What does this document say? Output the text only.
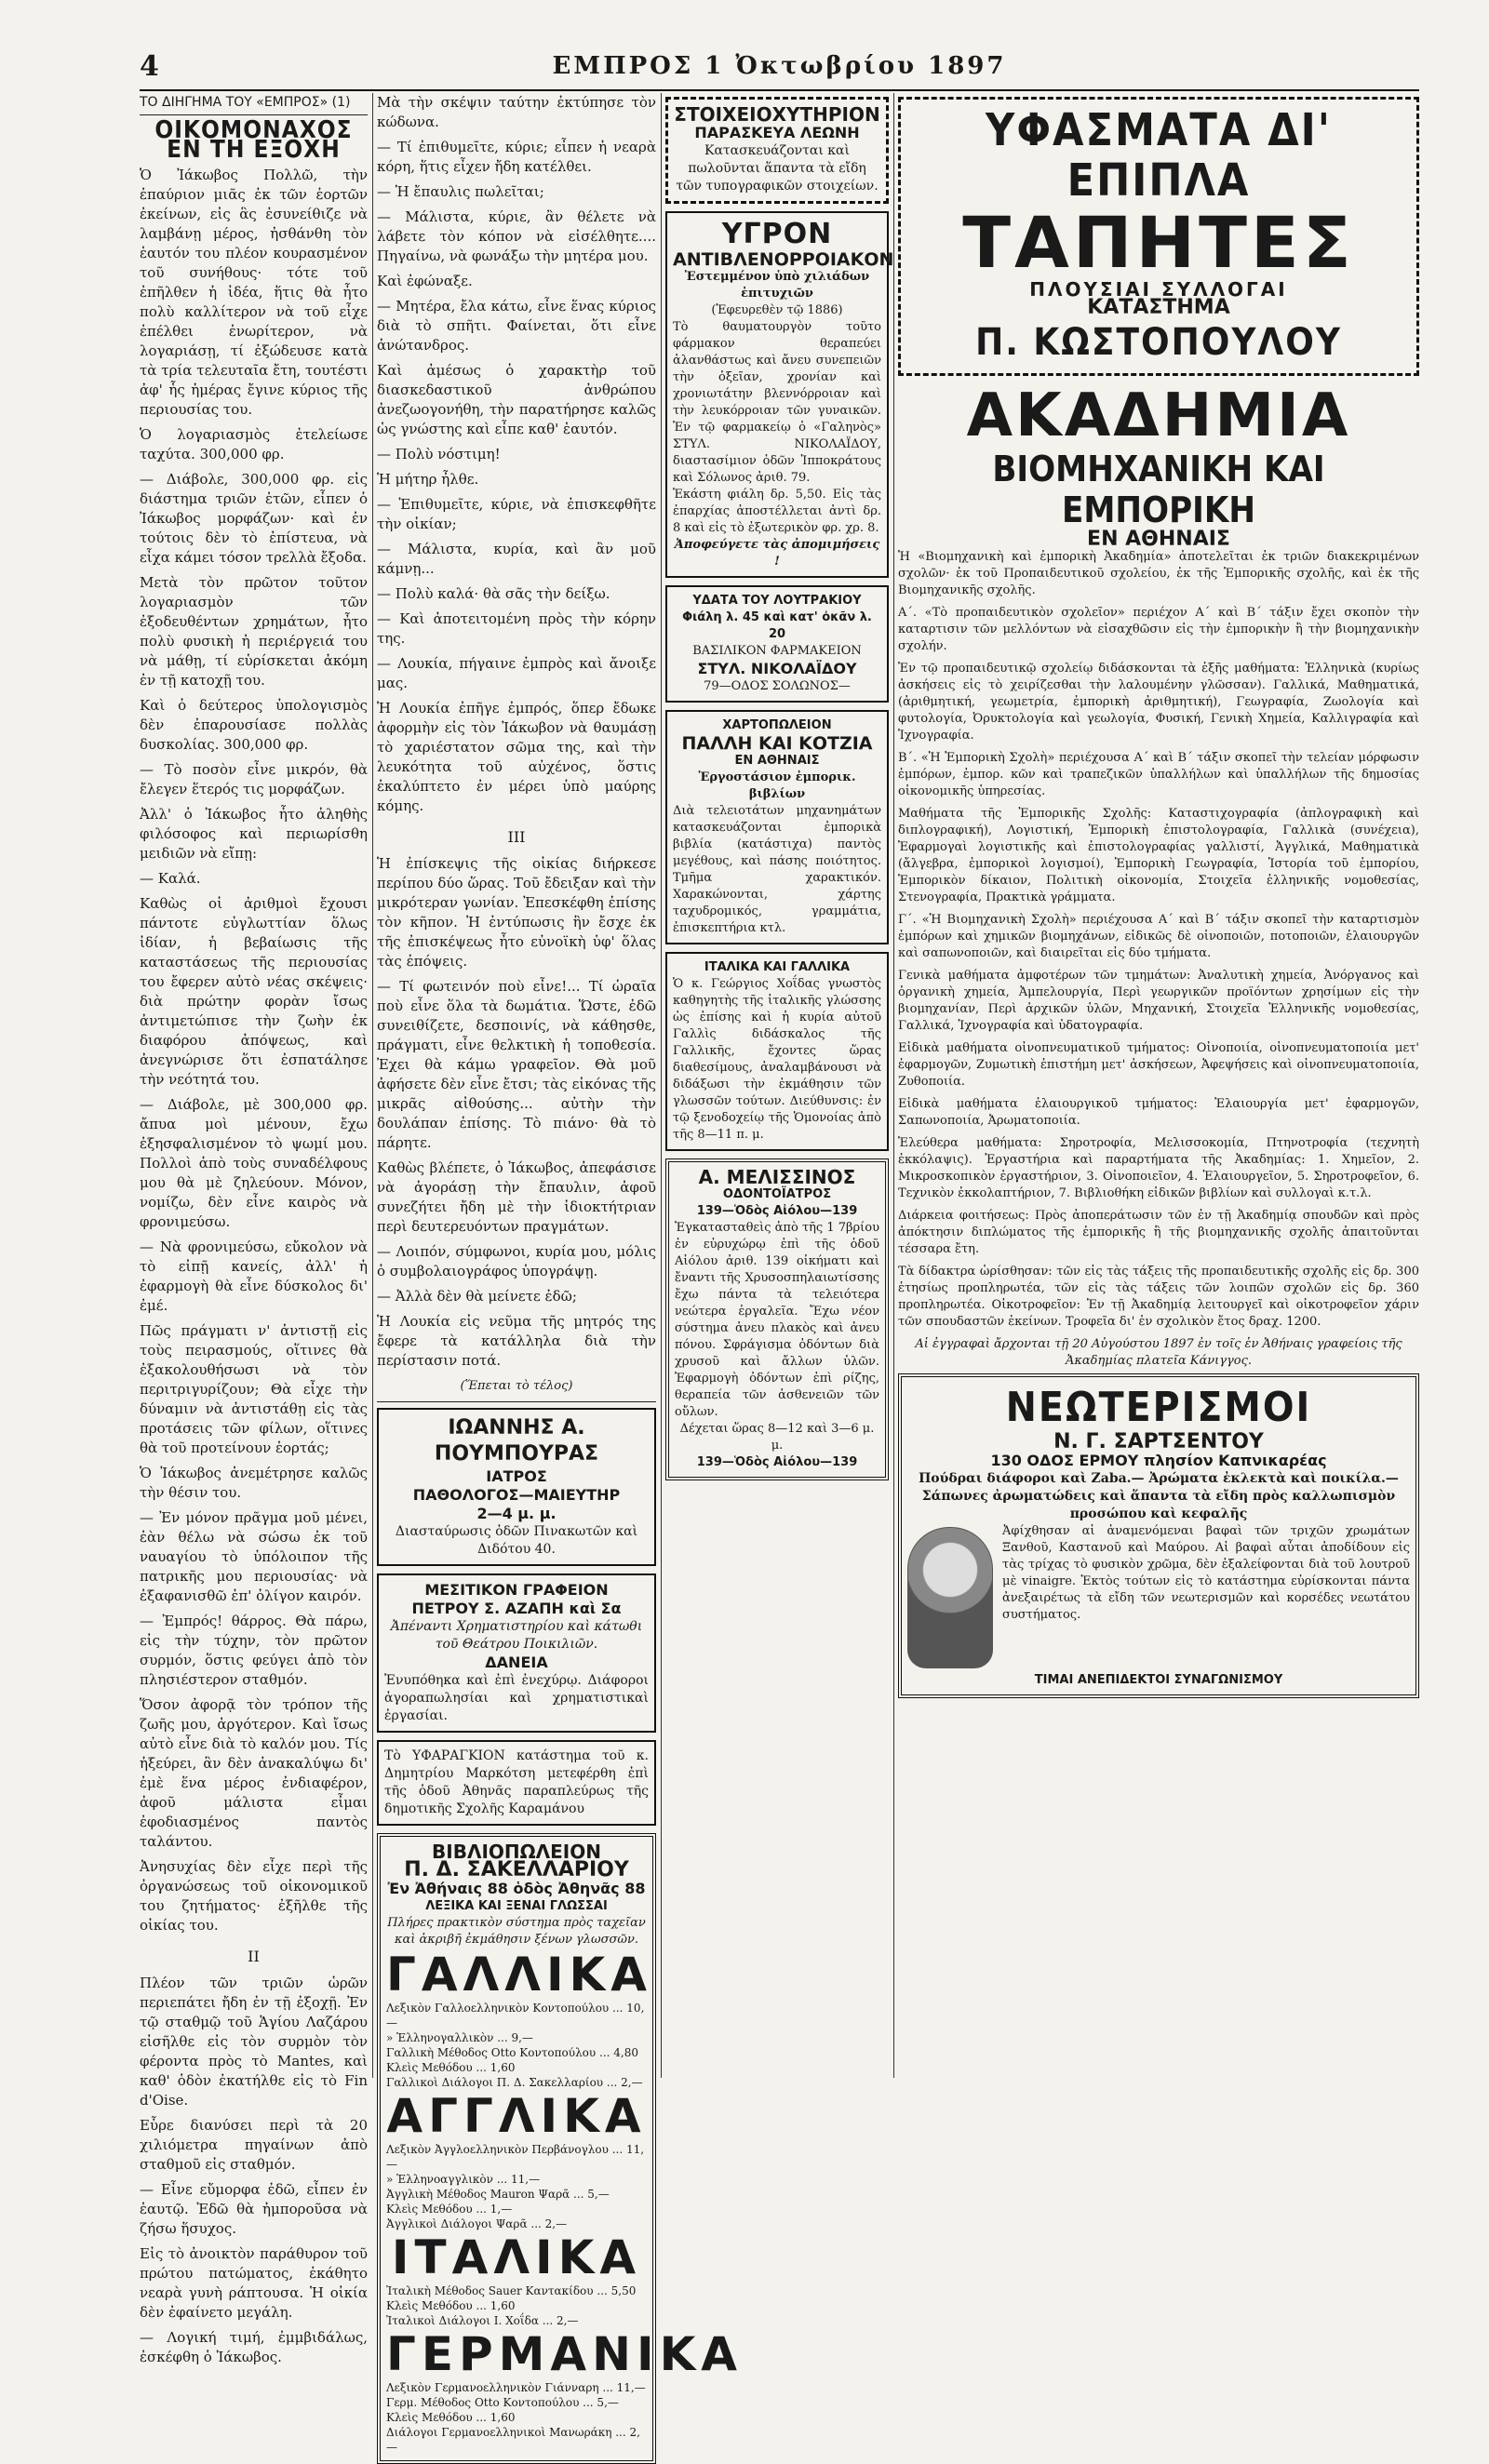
4	ΕΜΠΡΟΣ 1 Ὀκτωβρίου 1897
ΤΟ ΔΙΗΓΗΜΑ ΤΟΥ «ΕΜΠΡΟΣ» (1)
ΟΙΚΟΜΟΝΑΧΟΣ ΕΝ ΤΗ ΕΞΟΧΗ

Ὁ Ἰάκωβος Πολλῶ, τὴν ἐπαύριον μιᾶς ἐκ τῶν ἑορτῶν ἐκείνων, εἰς ἃς ἐσυνείθιζε νὰ λαμβάνῃ μέρος, ἠσθάνθη τὸν ἑαυτόν του πλέον κουρασμένον τοῦ συνήθους· τότε τοῦ ἐπῆλθεν ἡ ἰδέα, ἥτις θὰ ἦτο πολὺ καλλίτερον νὰ τοῦ εἶχε ἐπέλθει ἐνωρίτερον, νὰ λογαριάσῃ, τί ἐξώδευσε κατὰ τὰ τρία τελευταῖα ἔτη, τουτέστι ἀφ' ἧς ἡμέρας ἔγινε κύριος τῆς περιουσίας του.

Ὁ λογαριασμὸς ἐτελείωσε ταχύτα. 300,000 φρ.

— Διάβολε, 300,000 φρ. εἰς διάστημα τριῶν ἐτῶν, εἶπεν ὁ Ἰάκωβος μορφάζων· καὶ ἐν τούτοις δὲν τὸ ἐπίστευα, νὰ εἶχα κάμει τόσον τρελλὰ ἔξοδα.

Μετὰ τὸν πρῶτον τοῦτον λογαριασμὸν τῶν ἐξοδευθέντων χρημάτων, ἦτο πολὺ φυσικὴ ἡ περιέργειά του νὰ μάθῃ, τί εὑρίσκεται ἀκόμη ἐν τῇ κατοχῇ του.

Καὶ ὁ δεύτερος ὑπολογισμὸς δὲν ἐπαρουσίασε πολλὰς δυσκολίας. 300,000 φρ.

— Τὸ ποσὸν εἶνε μικρόν, θὰ ἔλεγεν ἕτερός τις μορφάζων.

Ἀλλ' ὁ Ἰάκωβος ἦτο ἀληθὴς φιλόσοφος καὶ περιωρίσθη μειδιῶν νὰ εἴπῃ:

— Καλά.

Καθὼς οἱ ἀριθμοὶ ἔχουσι πάντοτε εὐγλωττίαν ὅλως ἰδίαν, ἡ βεβαίωσις τῆς καταστάσεως τῆς περιουσίας του ἔφερεν αὐτὸ νέας σκέψεις· διὰ πρώτην φορὰν ἴσως ἀντιμετώπισε τὴν ζωὴν ἐκ διαφόρου ἀπόψεως, καὶ ἀνεγνώρισε ὅτι ἐσπατάλησε τὴν νεότητά του.

— Διάβολε, μὲ 300,000 φρ. ἄπυα μοὶ μένουν, ἔχω ἐξησφαλισμένον τὸ ψωμί μου. Πολλοὶ ἀπὸ τοὺς συναδέλφους μου θὰ μὲ ζηλεύουν. Μόνον, νομίζω, δὲν εἶνε καιρὸς νὰ φρονιμεύσω.

— Νὰ φρονιμεύσω, εὔκολον νὰ τὸ εἰπῇ κανείς, ἀλλ' ἡ ἐφαρμογὴ θὰ εἶνε δύσκολος δι' ἐμέ.

Πῶς πράγματι ν' ἀντιστῇ εἰς τοὺς πειρασμούς, οἵτινες θὰ ἐξακολουθήσωσι νὰ τὸν περιτριγυρίζουν; Θὰ εἶχε τὴν δύναμιν νὰ ἀντιστάθῃ εἰς τὰς προτάσεις τῶν φίλων, οἵτινες θὰ τοῦ προτείνουν ἑορτάς;

Ὁ Ἰάκωβος ἀνεμέτρησε καλῶς τὴν θέσιν του.

— Ἐν μόνον πρᾶγμα μοῦ μένει, ἐὰν θέλω νὰ σώσω ἐκ τοῦ ναυαγίου τὸ ὑπόλοιπον τῆς πατρικῆς μου περιουσίας· νὰ ἐξαφανισθῶ ἐπ' ὀλίγον καιρόν.

— Ἐμπρός! θάρρος. Θὰ πάρω, εἰς τὴν τύχην, τὸν πρῶτον συρμόν, ὅστις φεύγει ἀπὸ τὸν πλησιέστερον σταθμόν.

Ὅσον ἀφορᾷ τὸν τρόπον τῆς ζωῆς μου, ἀργότερον. Καὶ ἴσως αὐτὸ εἶνε διὰ τὸ καλόν μου. Τίς ἠξεύρει, ἂν δὲν ἀνακαλύψω δι' ἐμὲ ἕνα μέρος ἐνδιαφέρον, ἀφοῦ μάλιστα εἶμαι ἐφοδιασμένος παντὸς ταλάντου.

Ἀνησυχίας δὲν εἶχε περὶ τῆς ὀργανώσεως τοῦ οἰκονομικοῦ του ζητήματος· ἐξῆλθε τῆς οἰκίας του.

II

Πλέον τῶν τριῶν ὡρῶν περιεπάτει ἤδη ἐν τῇ ἐξοχῇ. Ἐν τῷ σταθμῷ τοῦ Ἁγίου Λαζάρου εἰσῆλθε εἰς τὸν συρμὸν τὸν φέροντα πρὸς τὸ Mantes, καὶ καθ' ὁδὸν ἐκατήλθε εἰς τὸ Fin d'Oise.

Εὗρε διανύσει περὶ τὰ 20 χιλιόμετρα πηγαίνων ἀπὸ σταθμοῦ εἰς σταθμόν.

— Εἶνε εὔμορφα ἐδῶ, εἶπεν ἐν ἑαυτῷ. Ἐδῶ θὰ ἠμποροῦσα νὰ ζήσω ἥσυχος.

Εἰς τὸ ἀνοικτὸν παράθυρον τοῦ πρώτου πατώματος, ἐκάθητο νεαρὰ γυνὴ ράπτουσα. Ἡ οἰκία δὲν ἐφαίνετο μεγάλη.

— Λογική τιμή, ἐμμβιδάλως, ἐσκέφθη ὁ Ἰάκωβος.

Μὰ τὴν σκέψιν ταύτην ἐκτύπησε τὸν κώδωνα.

— Τί ἐπιθυμεῖτε, κύριε; εἶπεν ἡ νεαρὰ κόρη, ἥτις εἶχεν ἤδη κατέλθει.

— Ἡ ἔπαυλις πωλεῖται;

— Μάλιστα, κύριε, ἂν θέλετε νὰ λάβετε τὸν κόπον νὰ εἰσέλθητε.... Πηγαίνω, νὰ φωνάξω τὴν μητέρα μου.

Καὶ ἐφώναξε.

— Μητέρα, ἔλα κάτω, εἶνε ἕνας κύριος διὰ τὸ σπῆτι. Φαίνεται, ὅτι εἶνε ἀνώτανδρος.

Καὶ ἀμέσως ὁ χαρακτὴρ τοῦ διασκεδαστικοῦ ἀνθρώπου ἀνεζωογονήθη, τὴν παρατήρησε καλῶς ὡς γνώστης καὶ εἶπε καθ' ἑαυτόν.

— Πολὺ νόστιμη!

Ἡ μήτηρ ἦλθε.

— Ἐπιθυμεῖτε, κύριε, νὰ ἐπισκεφθῆτε τὴν οἰκίαν;

— Μάλιστα, κυρία, καὶ ἂν μοῦ κάμνῃ...

— Πολὺ καλά· θὰ σᾶς τὴν δείξω.

— Καὶ ἀποτειτομένη πρὸς τὴν κόρην της.

— Λουκία, πήγαινε ἐμπρὸς καὶ ἄνοιξε μας.

Ἡ Λουκία ἐπῆγε ἐμπρός, ὅπερ ἔδωκε ἀφορμὴν εἰς τὸν Ἰάκωβον νὰ θαυμάσῃ τὸ χαριέστατον σῶμα της, καὶ τὴν λευκότητα τοῦ αὐχένος, ὅστις ἐκαλύπτετο ἐν μέρει ὑπὸ μαύρης κόμης.

III

Ἡ ἐπίσκεψις τῆς οἰκίας διήρκεσε περίπου δύο ὥρας. Τοῦ ἔδειξαν καὶ τὴν μικρότεραν γωνίαν. Ἐπεσκέφθη ἐπίσης τὸν κῆπον. Ἡ ἐντύπωσις ἣν ἔσχε ἐκ τῆς ἐπισκέψεως ἦτο εὐνοϊκὴ ὑφ' ὅλας τὰς ἐπόψεις.

— Τί φωτεινόν ποὺ εἶνε!... Τί ὡραῖα ποὺ εἶνε ὅλα τὰ δωμάτια. Ὥστε, ἐδῶ συνειθίζετε, δεσποινίς, νὰ κάθησθε, πράγματι, εἶνε θελκτικὴ ἡ τοποθεσία. Ἐχει θὰ κάμω γραφεῖον. Θὰ μοῦ ἀφήσετε δὲν εἶνε ἔτσι; τὰς εἰκόνας τῆς μικρᾶς αἰθούσης... αὐτὴν τὴν δουλάπαν ἐπίσης. Τὸ πιάνο· θὰ τὸ πάρητε.

Καθὼς βλέπετε, ὁ Ἰάκωβος, ἀπεφάσισε νὰ ἀγοράσῃ τὴν ἔπαυλιν, ἀφοῦ συνεζήτει ἤδη μὲ τὴν ἰδιοκτήτριαν περὶ δευτερευόντων πραγμάτων.

— Λοιπόν, σύμφωνοι, κυρία μου, μόλις ὁ συμβολαιογράφος ὑπογράψῃ.

— Ἀλλὰ δὲν θὰ μείνετε ἐδῶ;

Ἡ Λουκία εἰς νεῦμα τῆς μητρός της ἔφερε τὰ κατάλληλα διὰ τὴν περίστασιν ποτά.

(Ἕπεται τὸ τέλος)
ΙΩΑΝΝΗΣ Α. ΠΟΥΜΠΟΥΡΑΣ
ΙΑΤΡΟΣ
ΠΑΘΟΛΟΓΟΣ—ΜΑΙΕΥΤΗΡ
2—4 μ. μ.
Διασταύρωσις ὁδῶν Πινακωτῶν καὶ Διδότου 40.
ΜΕΣΙΤΙΚΟΝ ΓΡΑΦΕΙΟΝ
ΠΕΤΡΟΥ Σ. ΑΖΑΠΗ καὶ Σα
Ἀπέναντι Χρηματιστηρίου καὶ κάτωθι τοῦ Θεάτρου Ποικιλιῶν.
ΔΑΝΕΙΑ
Ἐνυπόθηκα καὶ ἐπὶ ἐνεχύρῳ. Διάφοροι ἀγοραπωλησίαι καὶ χρηματιστικαὶ ἐργασίαι.
Τὸ ΥΦΑΡΑΓΚΙΟΝ κατάστημα τοῦ κ. Δημητρίου Μαρκότση μετεφέρθη ἐπὶ τῆς ὁδοῦ Ἀθηνᾶς παραπλεύρως τῆς δημοτικῆς Σχολῆς Καραμάνου
ΒΙΒΛΙΟΠΩΛΕΙΟΝ
Π. Δ. ΣΑΚΕΛΛΑΡΙΟΥ
Ἐν Ἀθήναις 88 ὁδὸς Ἀθηνᾶς 88
ΛΕΞΙΚΑ ΚΑΙ ΞΕΝΑΙ ΓΛΩΣΣΑΙ
Πλήρες πρακτικὸν σύστημα πρὸς ταχεῖαν καὶ ἀκριβῆ ἐκμάθησιν ξένων γλωσσῶν.
ΓΑΛΛΙΚΑ
Λεξικὸν Γαλλοελληνικὸν Κοντοπούλου ... 10,—
» Ἑλληνογαλλικὸν ... 9,—
Γαλλικὴ Μέθοδος Otto Κοντοπούλου ... 4,80
Κλεὶς Μεθόδου ... 1,60
Γαλλικοὶ Διάλογοι Π. Δ. Σακελλαρίου ... 2,—
ΑΓΓΛΙΚΑ
Λεξικὸν Ἀγγλοελληνικὸν Περβάνογλου ... 11,—
» Ἑλληνοαγγλικὸν ... 11,—
Ἀγγλικὴ Μέθοδος Mauron Ψαρᾶ ... 5,—
Κλεὶς Μεθόδου ... 1,—
Ἀγγλικοὶ Διάλογοι Ψαρᾶ ... 2,—
ΙΤΑΛΙΚΑ
Ἰταλικὴ Μέθοδος Sauer Καντακίδου ... 5,50
Κλεὶς Μεθόδου ... 1,60
Ἰταλικοὶ Διάλογοι Ι. Χοΐδα ... 2,—
ΓΕΡΜΑΝΙΚΑ
Λεξικὸν Γερμανοελληνικὸν Γιάνναρη ... 11,—
Γερμ. Μέθοδος Otto Κοντοπούλου ... 5,—
Κλεὶς Μεθόδου ... 1,60
Διάλογοι Γερμανοελληνικοὶ Μανωράκη ... 2,—
ΣΤΟΙΧΕΙΟΧΥΤΗΡΙΟΝ
ΠΑΡΑΣΚΕΥΑ ΛΕΩΝΗ
Κατασκευάζονται καὶ πωλοῦνται ἅπαντα τὰ εἴδη τῶν τυπογραφικῶν στοιχείων.
ΥΓΡΟΝ
ΑΝΤΙΒΛΕΝΟΡΡΟΙΑΚΟΝ
Ἐστεμμένον ὑπὸ χιλιάδων ἐπιτυχιῶν
(Ἐφευρεθὲν τῷ 1886)
Τὸ θαυματουργὸν τοῦτο φάρμακον θεραπεύει ἀλανθάστως καὶ ἄνευ συνεπειῶν τὴν ὀξεῖαν, χρονίαν καὶ χρονιωτάτην βλεννόρροιαν καὶ τὴν λευκόρροιαν τῶν γυναικῶν. Ἐν τῷ φαρμακείῳ ὁ «Γαληνὸς» ΣΤΥΛ. ΝΙΚΟΛΑΪΔΟΥ, διαστασίμιον ὁδῶν Ἱπποκράτους καὶ Σόλωνος ἀριθ. 79.
Ἑκάστη φιάλη δρ. 5,50. Εἰς τὰς ἐπαρχίας ἀποστέλλεται ἀντὶ δρ. 8 καὶ εἰς τὸ ἐξωτερικὸν φρ. χρ. 8.
Ἀποφεύγετε τὰς ἀπομιμήσεις !
ΥΔΑΤΑ ΤΟΥ ΛΟΥΤΡΑΚΙΟΥ
Φιάλη λ. 45 καὶ κατ' ὀκᾶν λ. 20
ΒΑΣΙΛΙΚΟΝ ΦΑΡΜΑΚΕΙΟΝ
ΣΤΥΛ. ΝΙΚΟΛΑΪΔΟΥ
79—ΟΔΟΣ ΣΟΛΩΝΟΣ—
ΧΑΡΤΟΠΩΛΕΙΟΝ
ΠΑΛΛΗ ΚΑΙ ΚΟΤΖΙΑ
ΕΝ ΑΘΗΝΑΙΣ
Ἐργοστάσιον ἐμπορικ. βιβλίων
Διὰ τελειοτάτων μηχανημάτων κατασκευάζονται ἐμπορικὰ βιβλία (κατάστιχα) παντὸς μεγέθους, καὶ πάσης ποιότητος. Τμῆμα χαρακτικόν. Χαρακώνονται, χάρτης ταχυδρομικός, γραμμάτια, ἐπισκεπτήρια κτλ.
ΙΤΑΛΙΚΑ ΚΑΙ ΓΑΛΛΙΚΑ
Ὁ κ. Γεώργιος Χοΐδας γνωστὸς καθηγητὴς τῆς ἰταλικῆς γλώσσης ὡς ἐπίσης καὶ ἡ κυρία αὐτοῦ Γαλλὶς διδάσκαλος τῆς Γαλλικῆς, ἔχοντες ὥρας διαθεσίμους, ἀναλαμβάνουσι νὰ διδάξωσι τὴν ἐκμάθησιν τῶν γλωσσῶν τούτων. Διεύθυνσις: ἐν τῷ ξενοδοχείῳ τῆς Ὁμονοίας ἀπὸ τῆς 8—11 π. μ.
Α. ΜΕΛΙΣΣΙΝΟΣ
ΟΔΟΝΤΟΪΑΤΡΟΣ
139—Ὁδὸς Αἰόλου—139
Ἐγκατασταθεὶς ἀπὸ τῆς 1 7βρίου ἐν εὐρυχώρῳ ἐπὶ τῆς ὁδοῦ Αἰόλου ἀριθ. 139 οἰκήματι καὶ ἔναντι τῆς Χρυσοσπηλαιωτίσσης ἔχω πάντα τὰ τελειότερα νεώτερα ἐργαλεῖα. Ἔχω νέον σύστημα ἀνευ πλακὸς καὶ ἀνευ πόνου. Σφράγισμα ὀδόντων διὰ χρυσοῦ καὶ ἄλλων ὑλῶν. Ἐφαρμογὴ ὀδόντων ἐπὶ ρίζης, θεραπεία τῶν ἀσθενειῶν τῶν οὔλων.
Δέχεται ὥρας 8—12 καὶ 3—6 μ. μ.
139—Ὁδὸς Αἰόλου—139
ΥΦΑΣΜΑΤΑ ΔΙ' ΕΠΙΠΛΑ
ΤΑΠΗΤΕΣ
ΠΛΟΥΣΙΑΙ ΣΥΛΛΟΓΑΙ
ΚΑΤΑΣΤΗΜΑ
Π. ΚΩΣΤΟΠΟΥΛΟΥ
ΑΚΑΔΗΜΙΑ
ΒΙΟΜΗΧΑΝΙΚΗ ΚΑΙ ΕΜΠΟΡΙΚΗ
ΕΝ ΑΘΗΝΑΙΣ

Ἡ «Βιομηχανικὴ καὶ ἐμπορικὴ Ἀκαδημία» ἀποτελεῖται ἐκ τριῶν διακεκριμένων σχολῶν· ἐκ τοῦ Προπαιδευτικοῦ σχολείου, ἐκ τῆς Ἐμπορικῆς σχολῆς, καὶ ἐκ τῆς Βιομηχανικῆς σχολῆς.

Α΄. «Τὸ προπαιδευτικὸν σχολεῖον» περιέχον Α΄ καὶ Β΄ τάξιν ἔχει σκοπὸν τὴν καταρτισιν τῶν μελλόντων νὰ εἰσαχθῶσιν εἰς τὴν ἐμπορικὴν ἢ τὴν βιομηχανικὴν σχολήν.

Ἐν τῷ προπαιδευτικῷ σχολείῳ διδάσκονται τὰ ἑξῆς μαθήματα: Ἑλληνικὰ (κυρίως ἀσκήσεις εἰς τὸ χειρίζεσθαι τὴν λαλουμένην γλῶσσαν). Γαλλικά, Μαθηματικά, (ἀριθμητική, γεωμετρία, ἐμπορικὴ ἀριθμητική), Γεωγραφία, Ζωολογία καὶ φυτολογία, Ὀρυκτολογία καὶ γεωλογία, Φυσική, Γενικὴ Χημεία, Καλλιγραφία καὶ Ἰχνογραφία.

Β΄. «Ἡ Ἐμπορικὴ Σχολὴ» περιέχουσα Α΄ καὶ Β΄ τάξιν σκοπεῖ τὴν τελείαν μόρφωσιν ἐμπόρων, ἐμπορ. κῶν καὶ τραπεζικῶν ὑπαλλήλων καὶ ὑπαλλήλων τῆς δημοσίας οἰκονομικῆς ὑπηρεσίας.

Μαθήματα τῆς Ἐμπορικῆς Σχολῆς: Καταστιχογραφία (ἀπλογραφικὴ καὶ διπλογραφική), Λογιστική, Ἐμπορικὴ ἐπιστολογραφία, Γαλλικὰ (συνέχεια), Ἐφαρμογαὶ λογιστικῆς καὶ ἐπιστολογραφίας γαλλιστί, Ἀγγλικά, Μαθηματικὰ (ἄλγεβρα, ἐμπορικοὶ λογισμοί), Ἐμπορικὴ Γεωγραφία, Ἱστορία τοῦ ἐμπορίου, Ἐμπορικὸν δίκαιον, Πολιτικὴ οἰκονομία, Στοιχεῖα ἑλληνικῆς νομοθεσίας, Στενογραφία, Πρακτικὰ γράμματα.

Γ΄. «Ἡ Βιομηχανικὴ Σχολὴ» περιέχουσα Α΄ καὶ Β΄ τάξιν σκοπεῖ τὴν καταρτισμὸν ἐμπόρων καὶ χημικῶν βιομηχάνων, εἰδικῶς δὲ οἰνοποιῶν, ποτοποιῶν, ἐλαιουργῶν καὶ σαπωνοποιῶν, καὶ διαιρεῖται εἰς δύο τμήματα.

Γενικὰ μαθήματα ἀμφοτέρων τῶν τμημάτων: Ἀναλυτικὴ χημεία, Ἀνόργανος καὶ ὀργανικὴ χημεία, Ἀμπελουργία, Περὶ γεωργικῶν προϊόντων χρησίμων εἰς τὴν βιομηχανίαν, Περὶ ἀρχικῶν ὑλῶν, Μηχανική, Στοιχεῖα Ἑλληνικῆς νομοθεσίας, Γαλλικά, Ἰχνογραφία καὶ ὑδατογραφία.

Εἰδικὰ μαθήματα οἰνοπνευματικοῦ τμήματος: Οἰνοποιία, οἰνοπνευματοποιία μετ' ἐφαρμογῶν, Ζυμωτικὴ ἐπιστήμη μετ' ἀσκήσεων, Ἀφεψήσεις καὶ οἰνοπνευματοποιία, Ζυθοποιία.

Εἰδικὰ μαθήματα ἐλαιουργικοῦ τμήματος: Ἐλαιουργία μετ' ἐφαρμογῶν, Σαπωνοποιία, Ἀρωματοποιία.

Ἐλεύθερα μαθήματα: Σηροτροφία, Μελισσοκομία, Πτηνοτροφία (τεχνητὴ ἐκκόλαψις). Ἐργαστήρια καὶ παραρτήματα τῆς Ἀκαδημίας: 1. Χημεῖον, 2. Μικροσκοπικὸν ἐργαστήριον, 3. Οἰνοποιεῖον, 4. Ἐλαιουργεῖον, 5. Σηροτροφεῖον, 6. Τεχνικὸν ἐκκολαπτήριον, 7. Βιβλιοθήκη εἰδικῶν βιβλίων καὶ συλλογαὶ κ.τ.λ.

Διάρκεια φοιτήσεως: Πρὸς ἀποπεράτωσιν τῶν ἐν τῇ Ἀκαδημίᾳ σπουδῶν καὶ πρὸς ἀπόκτησιν διπλώματος τῆς ἐμπορικῆς ἢ τῆς βιομηχανικῆς σχολῆς ἀπαιτοῦνται τέσσαρα ἔτη.

Τὰ δίδακτρα ὡρίσθησαν: τῶν εἰς τὰς τάξεις τῆς προπαιδευτικῆς σχολῆς εἰς δρ. 300 ἐτησίως προπληρωτέα, τῶν εἰς τὰς τάξεις τῶν λοιπῶν σχολῶν εἰς δρ. 360 προπληρωτέα. Οἰκοτροφεῖον: Ἐν τῇ Ἀκαδημίᾳ λειτουργεῖ καὶ οἰκοτροφεῖον χάριν τῶν σπουδαστῶν ἐκείνων. Τροφεῖα δι' ἐν σχολικὸν ἔτος δραχ. 1200.

Αἱ ἐγγραφαὶ ἄρχονται τῇ 20 Αὐγούστου 1897 ἐν τοῖς ἐν Ἀθήναις γραφείοις τῆς Ἀκαδημίας πλατεῖα Κάνιγγος.
ΝΕΩΤΕΡΙΣΜΟΙ
Ν. Γ. ΣΑΡΤΣΕΝΤΟΥ
130 ΟΔΟΣ ΕΡΜΟΥ πλησίον Καπνικαρέας
Πούδραι διάφοροι καὶ Zaba.— Ἀρώματα ἐκλεκτὰ καὶ ποικίλα.— Σάπωνες ἀρωματώδεις καὶ ἅπαντα τὰ εἴδη πρὸς καλλωπισμὸν προσώπου καὶ κεφαλῆς
Ἀφίχθησαν αἱ ἀναμενόμεναι βαφαὶ τῶν τριχῶν χρωμάτων Ξανθοῦ, Καστανοῦ καὶ Μαύρου. Αἱ βαφαὶ αὗται ἀποδίδουν εἰς τὰς τρίχας τὸ φυσικὸν χρῶμα, δὲν ἐξαλείφονται διὰ τοῦ λουτροῦ μὲ vinaigre. Ἐκτὸς τούτων εἰς τὸ κατάστημα εὑρίσκονται πάντα ἀνεξαιρέτως τὰ εἴδη τῶν νεωτερισμῶν καὶ κορσέδες νεωτάτου συστήματος.
ΤΙΜΑΙ ΑΝΕΠΙΔΕΚΤΟΙ ΣΥΝΑΓΩΝΙΣΜΟΥ
